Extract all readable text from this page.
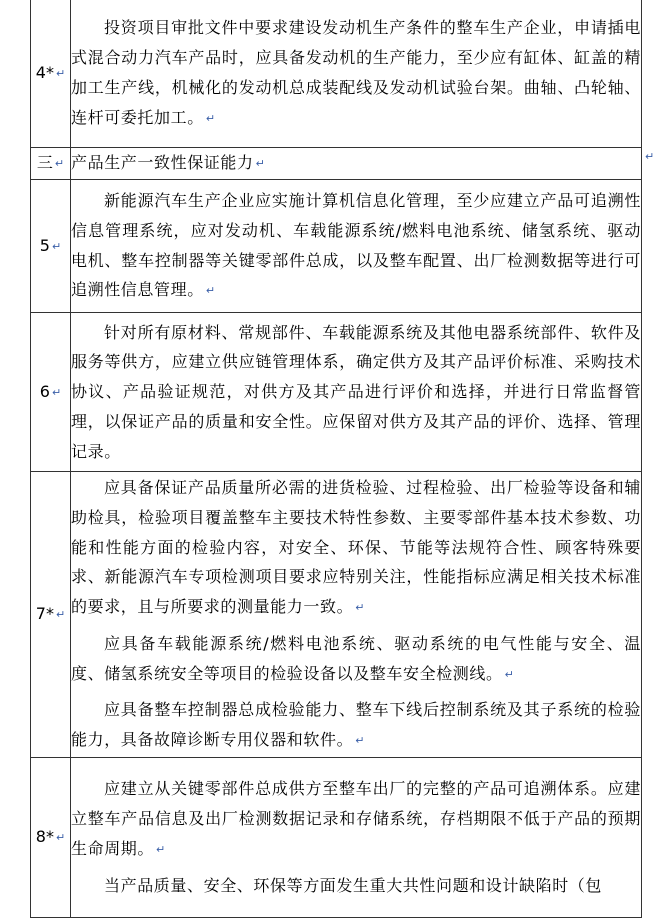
4* ↵	投资项目审批文件中要求建设发动机生产条件的整车生产企业，申请插电式混合动力汽车产品时，应具备发动机的生产能力，至少应有缸体、缸盖的精加工生产线，机械化的发动机总成装配线及发动机试验台架。曲轴、凸轮轴、连杆可委托加工。 ↵

三 ↵	产品生产一致性保证能力 ↵

5 ↵	新能源汽车生产企业应实施计算机信息化管理，至少应建立产品可追溯性信息管理系统，应对发动机、车载能源系统/燃料电池系统、储氢系统、驱动电机、整车控制器等关键零部件总成，以及整车配置、出厂检测数据等进行可追溯性信息管理。 ↵

6 ↵	针对所有原材料、常规部件、车载能源系统及其他电器系统部件、软件及服务等供方，应建立供应链管理体系，确定供方及其产品评价标准、采购技术协议、产品验证规范，对供方及其产品进行评价和选择，并进行日常监督管理，以保证产品的质量和安全性。应保留对供方及其产品的评价、选择、管理记录。

7* ↵	应具备保证产品质量所必需的进货检验、过程检验、出厂检验等设备和辅助检具，检验项目覆盖整车主要技术特性参数、主要零部件基本技术参数、功能和性能方面的检验内容，对安全、环保、节能等法规符合性、顾客特殊要求、新能源汽车专项检测项目要求应特别关注，性能指标应满足相关技术标准的要求，且与所要求的测量能力一致。 ↵

应具备车载能源系统/燃料电池系统、驱动系统的电气性能与安全、温度、储氢系统安全等项目的检验设备以及整车安全检测线。 ↵

应具备整车控制器总成检验能力、整车下线后控制系统及其子系统的检验能力，具备故障诊断专用仪器和软件。 ↵

8* ↵	应建立从关键零部件总成供方至整车出厂的完整的产品可追溯体系。应建立整车产品信息及出厂检测数据记录和存储系统，存档期限不低于产品的预期生命周期。 ↵

当产品质量、安全、环保等方面发生重大共性问题和设计缺陷时（包

↵
